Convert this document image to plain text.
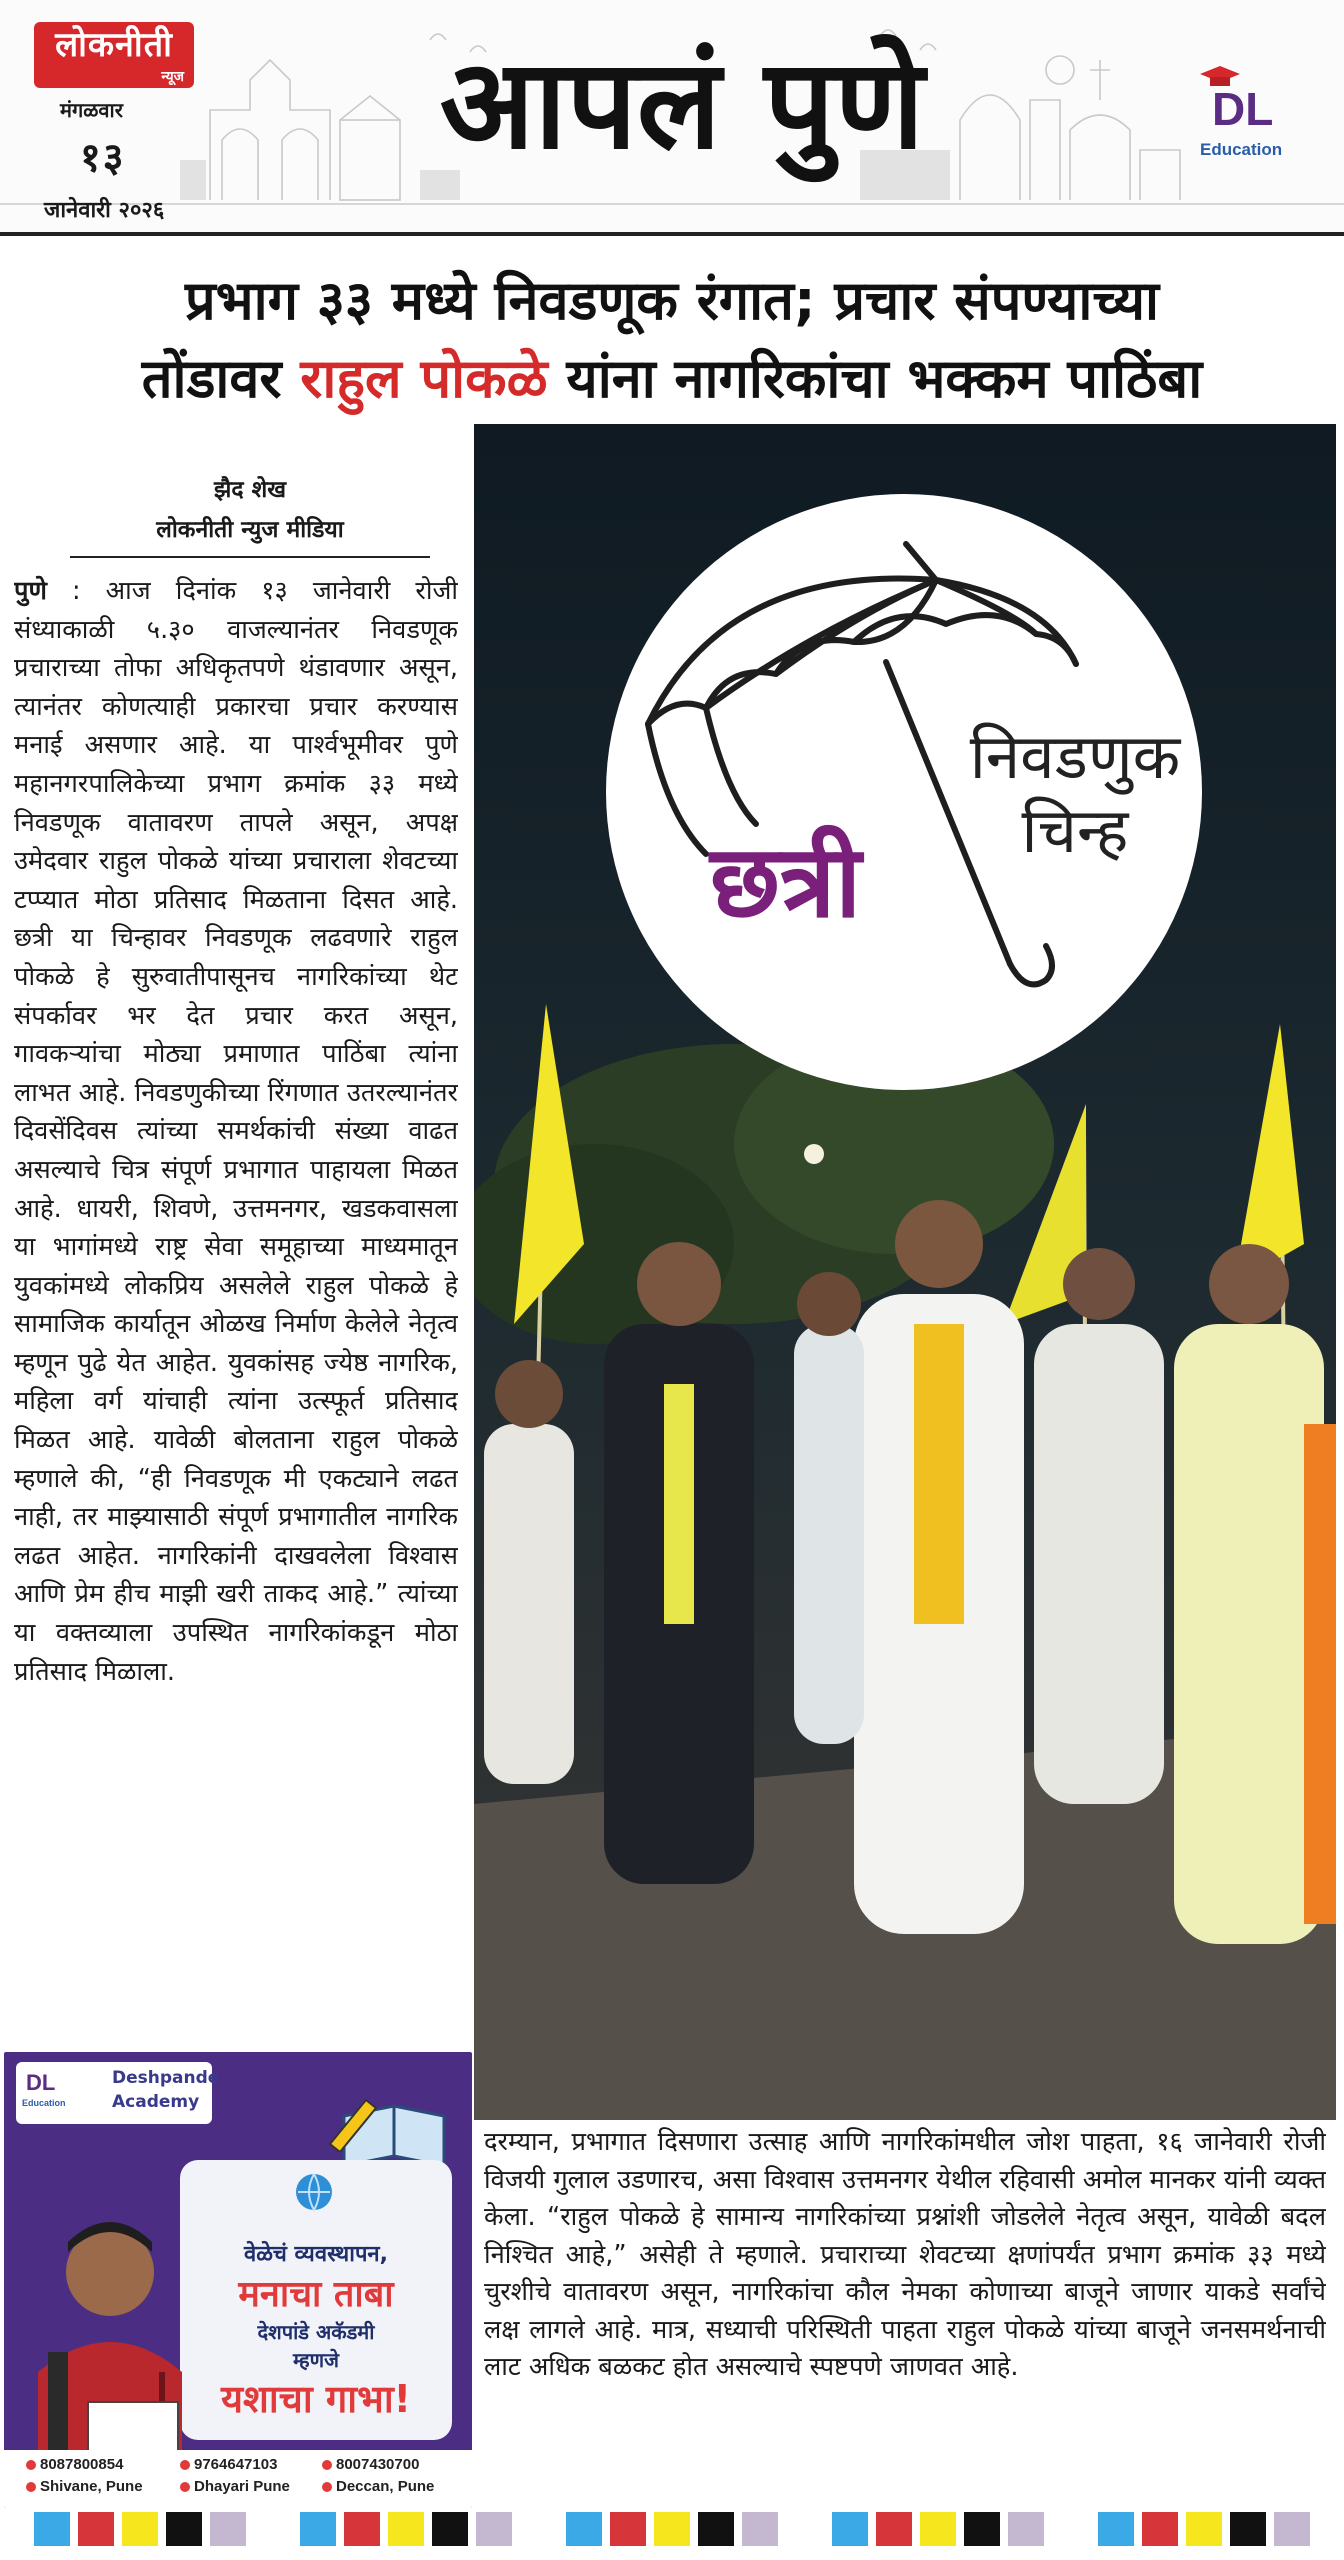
लोकनीती
न्यूज
मंगळवार
१३
जानेवारी २०२६
आपलं पुणे	DL
Education
प्रभाग ३३ मध्ये निवडणूक रंगात; प्रचार संपण्याच्या
तोंडावर राहुल पोकळे यांना नागरिकांचा भक्कम पाठिंबा
झैद शेख
लोकनीती न्युज मीडिया
पुणे : आज दिनांक १३ जानेवारी रोजी संध्याकाळी ५.३० वाजल्यानंतर निवडणूक प्रचाराच्या तोफा अधिकृतपणे थंडावणार असून, त्यानंतर कोणत्याही प्रकारचा प्रचार करण्यास मनाई असणार आहे. या पार्श्वभूमीवर पुणे महानगरपालिकेच्या प्रभाग क्रमांक ३३ मध्ये निवडणूक वातावरण तापले असून, अपक्ष उमेदवार राहुल पोकळे यांच्या प्रचाराला शेवटच्या टप्प्यात मोठा प्रतिसाद मिळताना दिसत आहे. छत्री या चिन्हावर निवडणूक लढवणारे राहुल पोकळे हे सुरुवातीपासूनच नागरिकांच्या थेट संपर्कावर भर देत प्रचार करत असून, गावकऱ्यांचा मोठ्या प्रमाणात पाठिंबा त्यांना लाभत आहे. निवडणुकीच्या रिंगणात उतरल्यानंतर दिवसेंदिवस त्यांच्या समर्थकांची संख्या वाढत असल्याचे चित्र संपूर्ण प्रभागात पाहायला मिळत आहे. धायरी, शिवणे, उत्तमनगर, खडकवासला या भागांमध्ये राष्ट्र सेवा समूहाच्या माध्यमातून युवकांमध्ये लोकप्रिय असलेले राहुल पोकळे हे सामाजिक कार्यातून ओळख निर्माण केलेले नेतृत्व म्हणून पुढे येत आहेत. युवकांसह ज्येष्ठ नागरिक, महिला वर्ग यांचाही त्यांना उत्स्फूर्त प्रतिसाद मिळत आहे. यावेळी बोलताना राहुल पोकळे म्हणाले की, “ही निवडणूक मी एकट्याने लढत नाही, तर माझ्यासाठी संपूर्ण प्रभागातील नागरिक लढत आहेत. नागरिकांनी दाखवलेला विश्वास आणि प्रेम हीच माझी खरी ताकद आहे.” त्यांच्या या वक्तव्याला उपस्थित नागरिकांकडून मोठा प्रतिसाद मिळाला.
निवडणुक
चिन्ह
छत्री
DL
Education
Deshpande
Academy
वेळेचं व्यवस्थापन,
मनाचा ताबा
देशपांडे अकॅडमी
म्हणजे
यशाचा गाभा!
8087800854	9764647103	8007430700
Shivane, Pune	Dhayari Pune	Deccan, Pune
दरम्यान, प्रभागात दिसणारा उत्साह आणि नागरिकांमधील जोश पाहता, १६ जानेवारी रोजी विजयी गुलाल उडणारच, असा विश्वास उत्तमनगर येथील रहिवासी अमोल मानकर यांनी व्यक्त केला. “राहुल पोकळे हे सामान्य नागरिकांच्या प्रश्नांशी जोडलेले नेतृत्व असून, यावेळी बदल निश्चित आहे,” असेही ते म्हणाले. प्रचाराच्या शेवटच्या क्षणांपर्यंत प्रभाग क्रमांक ३३ मध्ये चुरशीचे वातावरण असून, नागरिकांचा कौल नेमका कोणाच्या बाजूने जाणार याकडे सर्वांचे लक्ष लागले आहे. मात्र, सध्याची परिस्थिती पाहता राहुल पोकळे यांच्या बाजूने जनसमर्थनाची लाट अधिक बळकट होत असल्याचे स्पष्टपणे जाणवत आहे.
